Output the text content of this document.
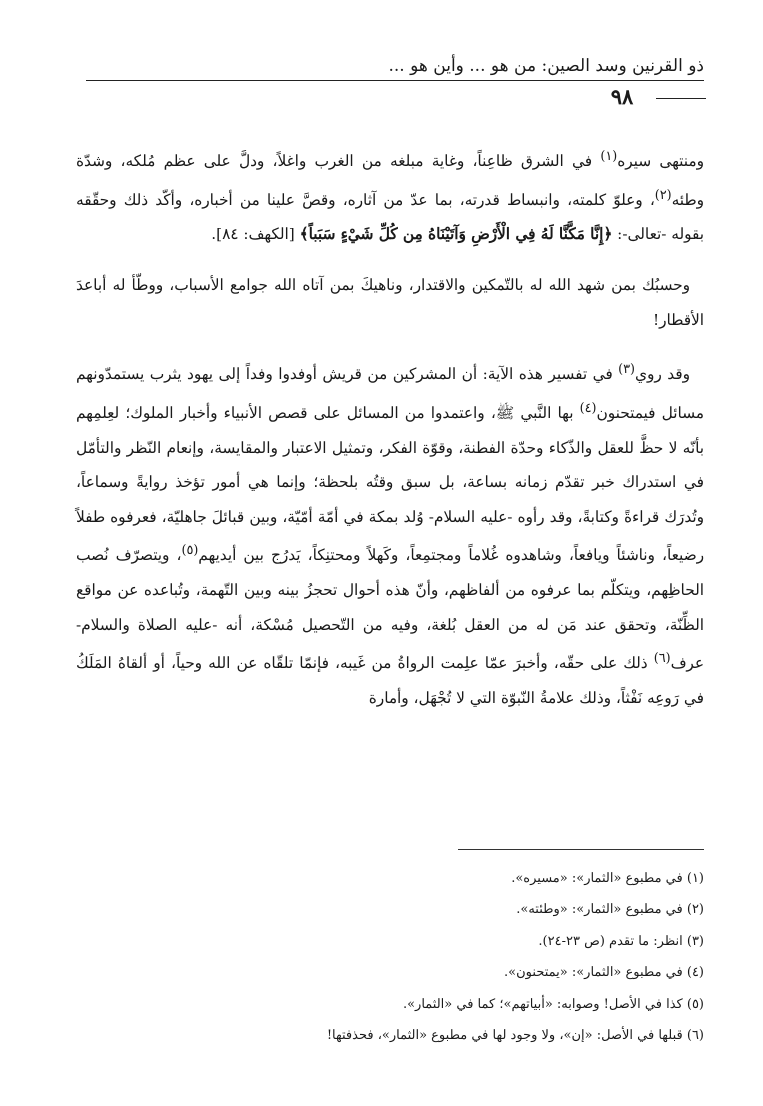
ذو القرنين وسد الصين: من هو ... وأين هو ...
٩٨

ومنتهى سيره$^{(١)}$ في الشرق ظاعِناً، وغاية مبلغه من الغرب واغلاً، ودلَّ على عظم مُلكه، وشدّة وطئه$^{(٢)}$، وعلوّ كلمته، وانبساط قدرته، بما عدّ من آثاره، وقصَّ علينا من أخباره، وأكّد ذلك وحقّقه بقوله -تعالى-: ﴿إِنَّا مَكَّنَّا لَهُ فِي الْأَرْضِ وَآتَيْنَاهُ مِن كُلِّ شَيْءٍ سَبَباً﴾ [الكهف: ٨٤].

وحسبُك بمن شهد الله له بالتّمكين والاقتدار، وناهيكَ بمن آتاه الله جوامع الأسباب، ووطّأ له أباعدَ الأقطار!

وقد روي$^{(٣)}$ في تفسير هذه الآية: أن المشركين من قريش أوفدوا وفداً إلى يهود يثرب يستمدّونهم مسائل فيمتحنون$^{(٤)}$ بها النَّبي ﷺ، واعتمدوا من المسائل على قصص الأنبياء وأخبار الملوك؛ لعِلمِهم بأنّه لا حظَّ للعقل والذّكاء وحدّة الفطنة، وقوّة الفكر، وتمثيل الاعتبار والمقايسة، وإنعام النّظر والتأمّل في استدراك خبر تقدّم زمانه بساعة، بل سبق وقتُه بلحظة؛ وإنما هي أمور تؤخذ روايةً وسماعاً، وتُدرَك قراءةً وكتابةً، وقد رأوه -عليه السلام- وُلد بمكة في أمّة أمّيّة، وبين قبائلَ جاهليّة، فعرفوه طفلاً رضيعاً، وناشئاً ويافعاً، وشاهدوه غُلاماً ومجتمِعاً، وكَهلاً ومحتنِكاً، يَدرُج بين أيديهم$^{(٥)}$، ويتصرّف نُصب الحاظِهم، ويتكلّم بما عرفوه من ألفاظهم، وأنّ هذه أحوال تحجزُ بينه وبين التّهمة، وتُباعده عن مواقع الظِّنّة، وتحقق عند مَن له من العقل بُلغة، وفيه من التّحصيل مُسْكة، أنه -عليه الصلاة والسلام- عرف$^{(٦)}$ ذلك على حقّه، وأخبرَ عمّا علِمت الرواةُ من غَيبه، فإنمّا تلقّاه عن الله وحياً، أو ألقاهُ المَلَكُ في رَوعِه نَفْثاً، وذلك علامةُ النّبوّة التي لا تُجْهَل، وأمارة

(١) في مطبوع «الثمار»: «مسيره».

(٢) في مطبوع «الثمار»: «وطئته».

(٣) انظر: ما تقدم (ص ٢٣-٢٤).

(٤) في مطبوع «الثمار»: «يمتحنون».

(٥) كذا في الأصل! وصوابه: «أبياتهم»؛ كما في «الثمار».

(٦) قبلها في الأصل: «إن»، ولا وجود لها في مطبوع «الثمار»، فحذفتها!
